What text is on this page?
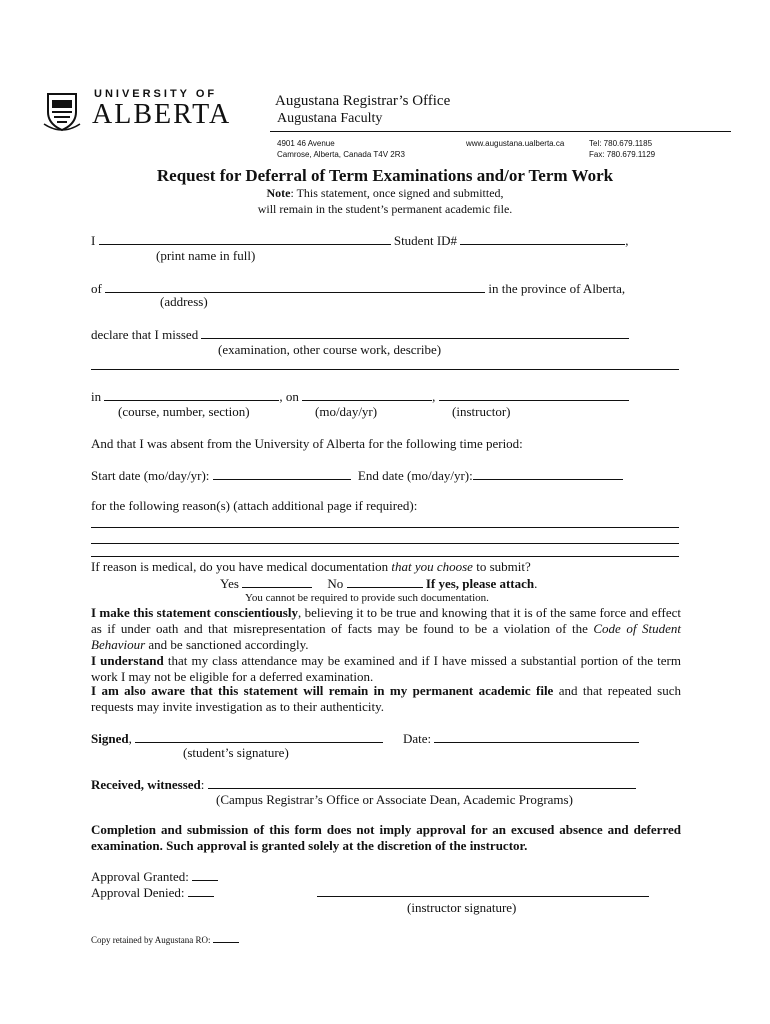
UNIVERSITY OF
ALBERTA	Augustana Registrar’s Office
Augustana Faculty
4901 46 Avenue
Camrose, Alberta, Canada T4V 2R3
www.augustana.ualberta.ca	Tel: 780.679.1185
Fax: 780.679.1129
Request for Deferral of Term Examinations and/or Term Work
Note: This statement, once signed and submitted,
will remain in the student’s permanent academic file.
I	Student ID#	,
(print name in full)
of	in the province of Alberta,
(address)
declare that I missed
(examination, other course work, describe)
in	, on	,
(course, number, section)	(mo/day/yr)	(instructor)
And that I was absent from the University of Alberta for the following time period:
Start date (mo/day/yr):	End date (mo/day/yr):
for the following reason(s) (attach additional page if required):
If reason is medical, do you have medical documentation that you choose to submit?
Yes	No	If yes, please attach.
You cannot be required to provide such documentation.
I make this statement conscientiously, believing it to be true and knowing that it is of the same force and effect as if under oath and that misrepresentation of facts may be found to be a violation of the Code of Student Behaviour and be sanctioned accordingly.
I understand that my class attendance may be examined and if I have missed a substantial portion of the term work I may not be eligible for a deferred examination.
I am also aware that this statement will remain in my permanent academic file and that repeated such requests may invite investigation as to their authenticity.
Signed,	Date:
(student’s signature)
Received, witnessed:
(Campus Registrar’s Office or Associate Dean, Academic Programs)
Completion and submission of this form does not imply approval for an excused absence and deferred examination. Such approval is granted solely at the discretion of the instructor.
Approval Granted:
Approval Denied:
(instructor signature)
Copy retained by Augustana RO:
